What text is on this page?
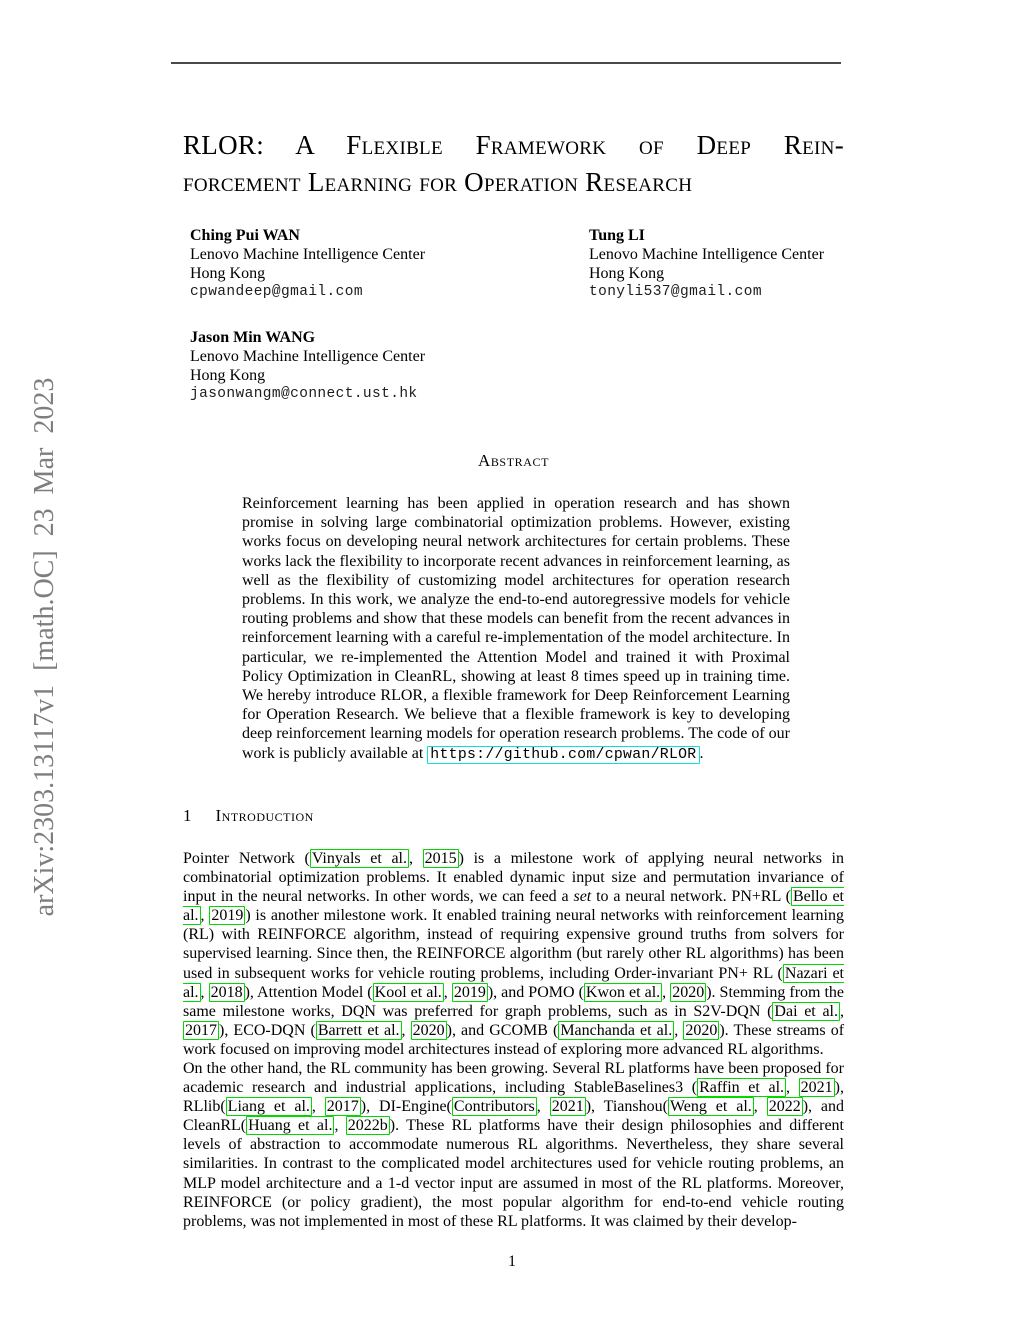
arXiv:2303.13117v1 [math.OC] 23 Mar 2023
RLOR: A Flexible Framework of Deep Rein-
forcement Learning for Operation Research
Ching Pui WAN
Lenovo Machine Intelligence Center
Hong Kong
cpwandeep@gmail.com
Tung LI
Lenovo Machine Intelligence Center
Hong Kong
tonyli537@gmail.com
Jason Min WANG
Lenovo Machine Intelligence Center
Hong Kong
jasonwangm@connect.ust.hk
Abstract
Reinforcement learning has been applied in operation research and has shown promise in solving large combinatorial optimization problems. However, existing works focus on developing neural network architectures for certain problems. These works lack the flexibility to incorporate recent advances in reinforcement learning, as well as the flexibility of customizing model architectures for operation research problems. In this work, we analyze the end-to-end autoregressive models for vehicle routing problems and show that these models can benefit from the recent advances in reinforcement learning with a careful re-implementation of the model architecture. In particular, we re-implemented the Attention Model and trained it with Proximal Policy Optimization in CleanRL, showing at least 8 times speed up in training time. We hereby introduce RLOR, a flexible framework for Deep Reinforcement Learning for Operation Research. We believe that a flexible framework is key to developing deep reinforcement learning models for operation research problems. The code of our work is publicly available at https://github.com/cpwan/RLOR .
1 Introduction

Pointer Network ( Vinyals et al. , 2015 ) is a milestone work of applying neural networks in combinatorial optimization problems. It enabled dynamic input size and permutation invariance of input in the neural networks. In other words, we can feed a set to a neural network. PN+RL ( Bello et al. , 2019 ) is another milestone work. It enabled training neural networks with reinforcement learning (RL) with REINFORCE algorithm, instead of requiring expensive ground truths from solvers for supervised learning. Since then, the REINFORCE algorithm (but rarely other RL algorithms) has been used in subsequent works for vehicle routing problems, including Order-invariant PN+ RL ( Nazari et al. , 2018 ), Attention Model ( Kool et al. , 2019 ), and POMO ( Kwon et al. , 2020 ). Stemming from the same milestone works, DQN was preferred for graph problems, such as in S2V-DQN ( Dai et al. , 2017 ), ECO-DQN ( Barrett et al. , 2020 ), and GCOMB ( Manchanda et al. , 2020 ). These streams of work focused on improving model architectures instead of exploring more advanced RL algorithms.

On the other hand, the RL community has been growing. Several RL platforms have been proposed for academic research and industrial applications, including StableBaselines3 ( Raffin et al. , 2021 ), RLlib( Liang et al. , 2017 ), DI-Engine( Contributors , 2021 ), Tianshou( Weng et al. , 2022 ), and CleanRL( Huang et al. , 2022b ). These RL platforms have their design philosophies and different levels of abstraction to accommodate numerous RL algorithms. Nevertheless, they share several similarities. In contrast to the complicated model architectures used for vehicle routing problems, an MLP model architecture and a 1-d vector input are assumed in most of the RL platforms. Moreover, REINFORCE (or policy gradient), the most popular algorithm for end-to-end vehicle routing problems, was not implemented in most of these RL platforms. It was claimed by their develop-

1
